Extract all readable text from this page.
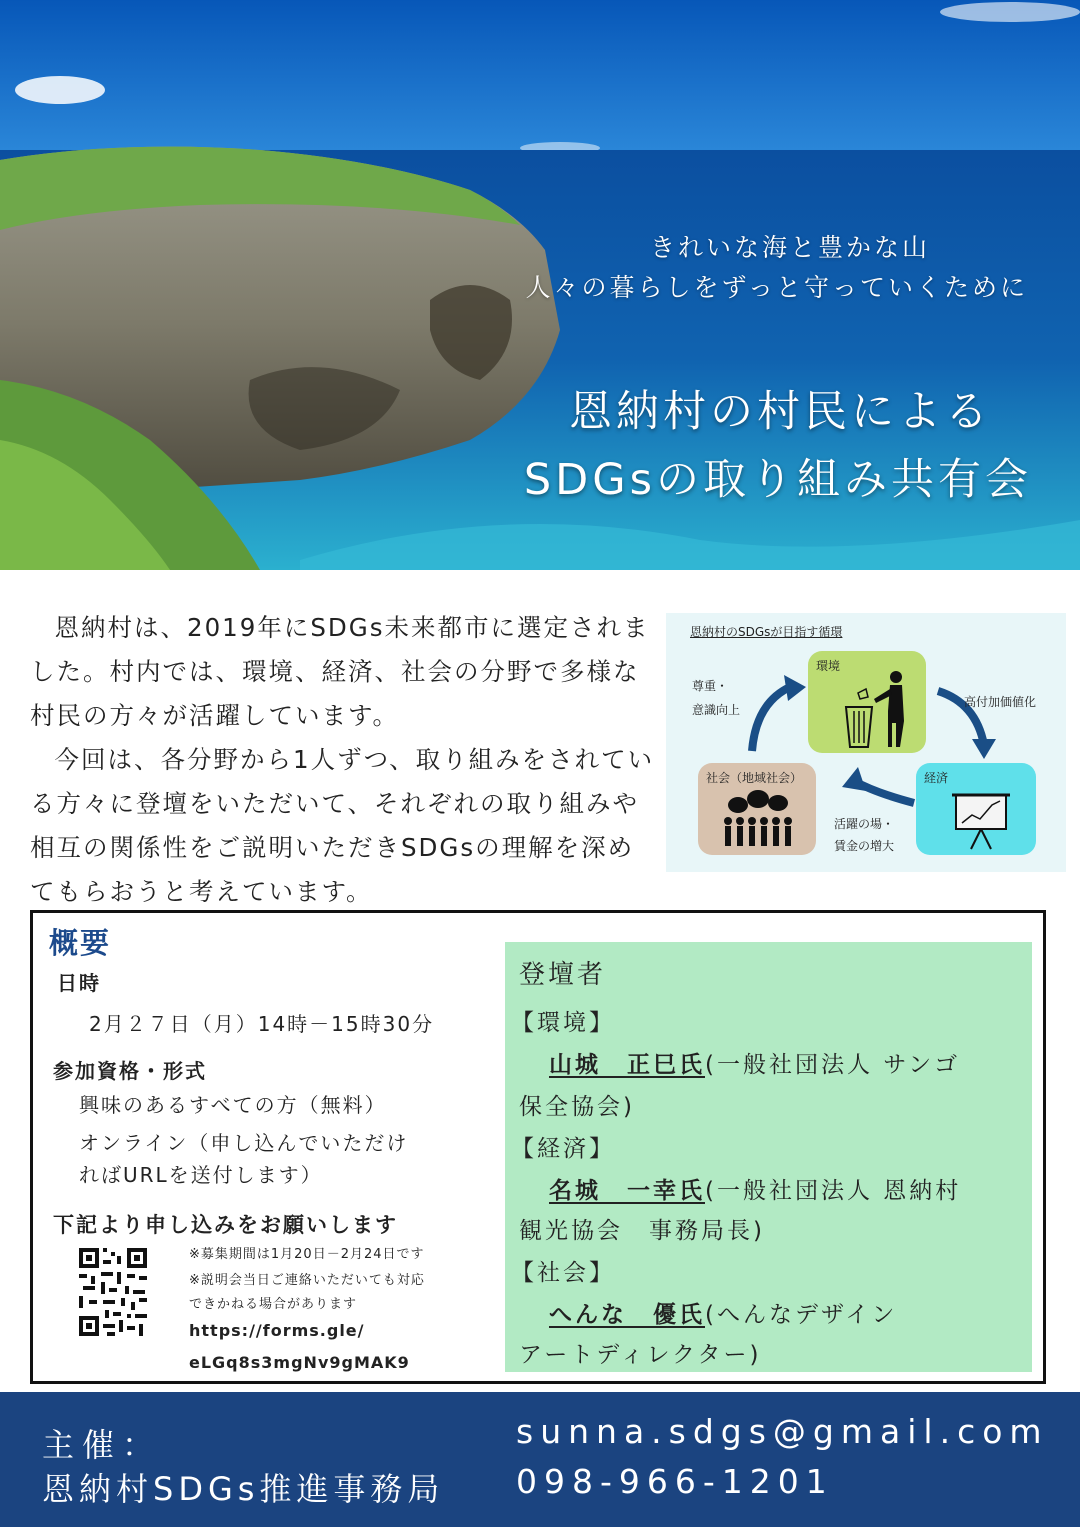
きれいな海と豊かな山
人々の暮らしをずっと守っていくために
恩納村の村民による
SDGsの取り組み共有会

恩納村は、2019年にSDGs未来都市に選定されました。村内では、環境、経済、社会の分野で多様な村民の方々が活躍しています。

今回は、各分野から1人ずつ、取り組みをされている方々に登壇をいただいて、それぞれの取り組みや相互の関係性をご説明いただきSDGsの理解を深めてもらおうと考えています。

恩納村のSDGsが目指す循環
環境
経済
社会（地域社会）
高付加価値化
活躍の場・
賃金の増大
尊重・
意識向上
概要
日時
2月２７日（月）14時－15時30分
参加資格・形式
興味のあるすべての方（無料）
オンライン（申し込んでいただけ
ればURLを送付します）
下記より申し込みをお願いします
※募集期間は1月20日－2月24日です
※説明会当日ご連絡いただいても対応
できかねる場合があります
https://forms.gle/
eLGq8s3mgNv9gMAK9
登壇者
【環境】
山城　正巳氏(一般社団法人 サンゴ
保全協会)
【経済】
名城　一幸氏(一般社団法人 恩納村
観光協会　事務局長)
【社会】
へんな　優氏(へんなデザイン
アートディレクター)
主催：
恩納村SDGs推進事務局
sunna.sdgs@gmail.com
098-966-1201
